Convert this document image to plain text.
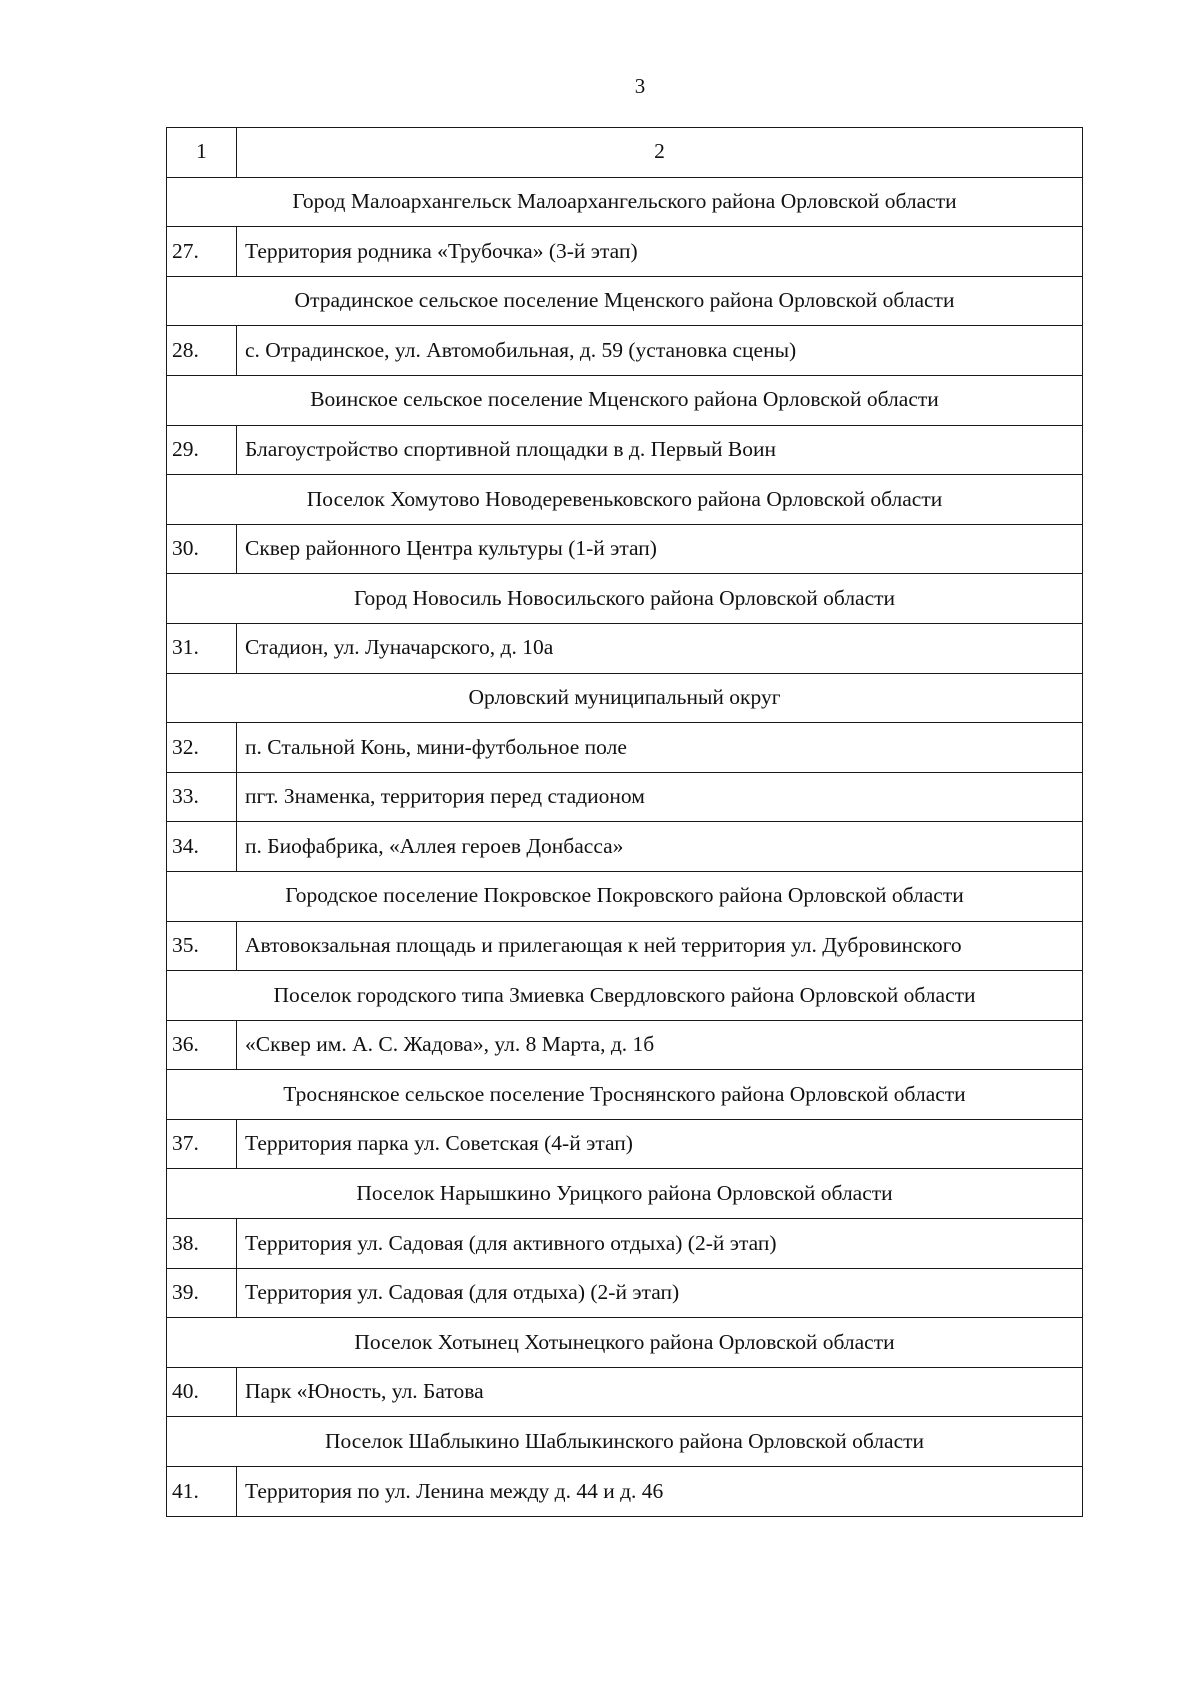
3
1	2
Город Малоархангельск Малоархангельского района Орловской области	
27.	Территория родника «Трубочка» (3-й этап)
Отрадинское сельское поселение Мценского района Орловской области	
28.	с. Отрадинское, ул. Автомобильная, д. 59 (установка сцены)
Воинское сельское поселение Мценского района Орловской области	
29.	Благоустройство спортивной площадки в д. Первый Воин
Поселок Хомутово Новодеревеньковского района Орловской области	
30.	Сквер районного Центра культуры (1-й этап)
Город Новосиль Новосильского района Орловской области	
31.	Стадион, ул. Луначарского, д. 10а
Орловский муниципальный округ	
32.	п. Стальной Конь, мини-футбольное поле
33.	пгт. Знаменка, территория перед стадионом
34.	п. Биофабрика, «Аллея героев Донбасса»
Городское поселение Покровское Покровского района Орловской области	
35.	Автовокзальная площадь и прилегающая к ней территория ул. Дубровинского
Поселок городского типа Змиевка Свердловского района Орловской области	
36.	«Сквер им. А. С. Жадова», ул. 8 Марта, д. 1б
Троснянское сельское поселение Троснянского района Орловской области	
37.	Территория парка ул. Советская (4-й этап)
Поселок Нарышкино Урицкого района Орловской области	
38.	Территория ул. Садовая (для активного отдыха) (2-й этап)
39.	Территория ул. Садовая (для отдыха) (2-й этап)
Поселок Хотынец Хотынецкого района Орловской области	
40.	Парк «Юность, ул. Батова
Поселок Шаблыкино Шаблыкинского района Орловской области	
41.	Территория по ул. Ленина между д. 44 и д. 46
